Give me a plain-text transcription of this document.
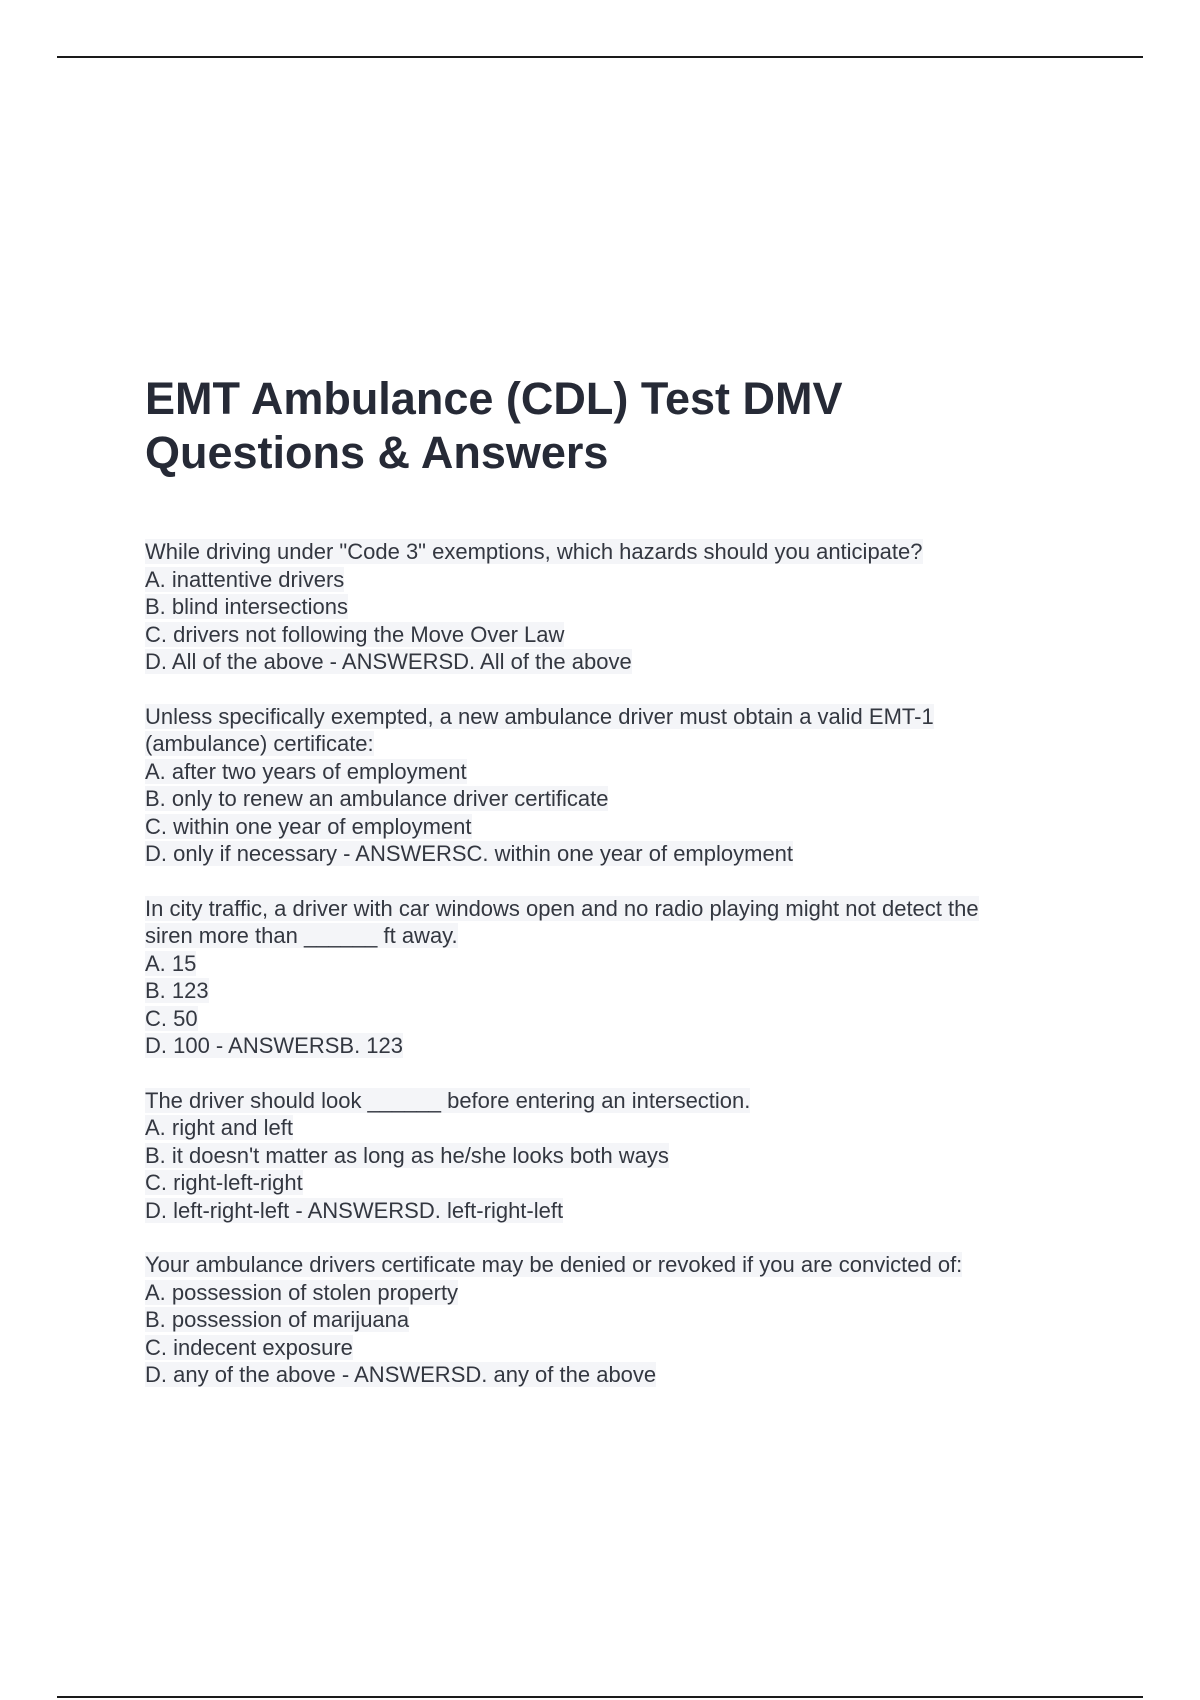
EMT Ambulance (CDL) Test DMV
Questions & Answers
While driving under "Code 3" exemptions, which hazards should you anticipate?
A. inattentive drivers
B. blind intersections
C. drivers not following the Move Over Law
D. All of the above - ANSWERSD. All of the above
Unless specifically exempted, a new ambulance driver must obtain a valid EMT-1
(ambulance) certificate:
A. after two years of employment
B. only to renew an ambulance driver certificate
C. within one year of employment
D. only if necessary - ANSWERSC. within one year of employment
In city traffic, a driver with car windows open and no radio playing might not detect the
siren more than ______ ft away.
A. 15
B. 123
C. 50
D. 100 - ANSWERSB. 123
The driver should look ______ before entering an intersection.
A. right and left
B. it doesn't matter as long as he/she looks both ways
C. right-left-right
D. left-right-left - ANSWERSD. left-right-left
Your ambulance drivers certificate may be denied or revoked if you are convicted of:
A. possession of stolen property
B. possession of marijuana
C. indecent exposure
D. any of the above - ANSWERSD. any of the above
